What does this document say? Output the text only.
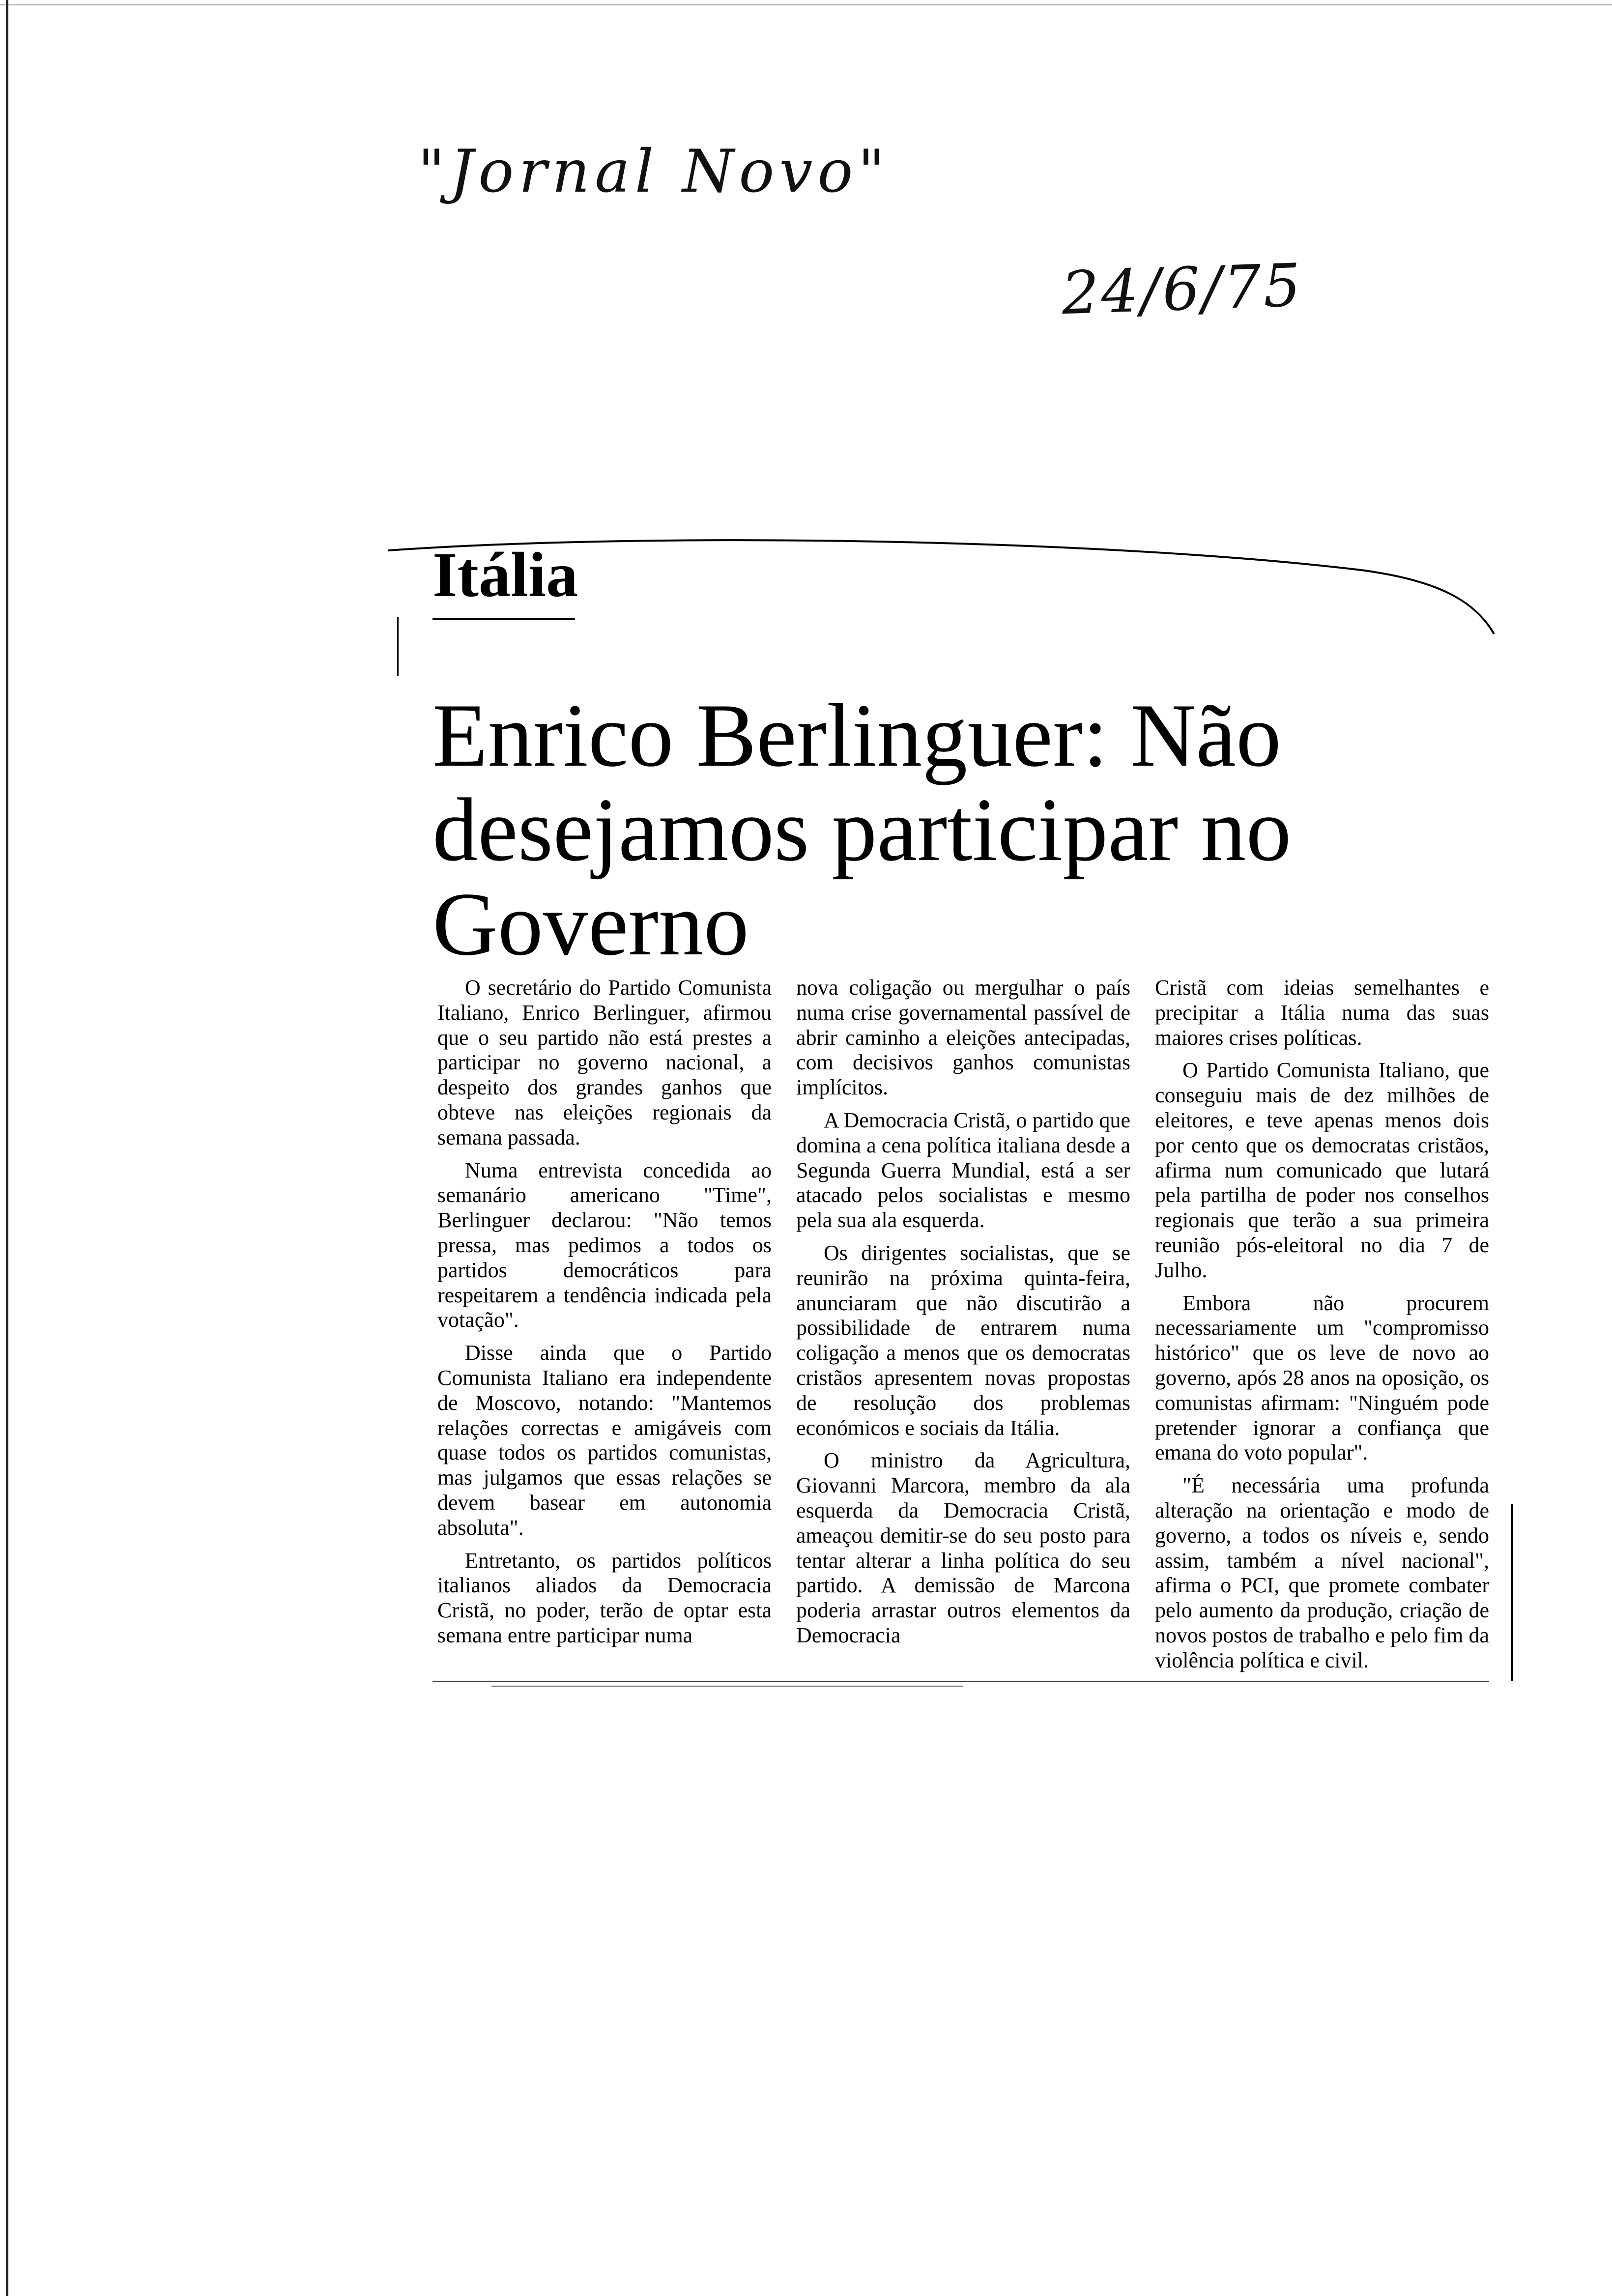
"Jornal Novo"
24/6/75
Itália
Enrico Berlinguer: Não desejamos participar no Governo

O secretário do Partido Comunista Italiano, Enrico Berlinguer, afirmou que o seu partido não está prestes a participar no governo nacional, a despeito dos grandes ganhos que obteve nas eleições regionais da semana passada.

Numa entrevista concedida ao semanário americano "Time", Berlinguer declarou: "Não temos pressa, mas pedimos a todos os partidos democráticos para respeitarem a tendência indicada pela votação".

Disse ainda que o Partido Comunista Italiano era independente de Moscovo, notando: "Mantemos relações correctas e amigáveis com quase todos os partidos comunistas, mas julgamos que essas relações se devem basear em autonomia absoluta".

Entretanto, os partidos políticos italianos aliados da Democracia Cristã, no poder, terão de optar esta semana entre participar numa

nova coligação ou mergulhar o país numa crise governamental passível de abrir caminho a eleições antecipadas, com decisivos ganhos comunistas implícitos.

A Democracia Cristã, o partido que domina a cena política italiana desde a Segunda Guerra Mundial, está a ser atacado pelos socialistas e mesmo pela sua ala esquerda.

Os dirigentes socialistas, que se reunirão na próxima quinta-feira, anunciaram que não discutirão a possibilidade de entrarem numa coligação a menos que os democratas cristãos apresentem novas propostas de resolução dos problemas económicos e sociais da Itália.

O ministro da Agricultura, Giovanni Marcora, membro da ala esquerda da Democracia Cristã, ameaçou demitir-se do seu posto para tentar alterar a linha política do seu partido. A demissão de Marcona poderia arrastar outros elementos da Democracia

Cristã com ideias semelhantes e precipitar a Itália numa das suas maiores crises políticas.

O Partido Comunista Italiano, que conseguiu mais de dez milhões de eleitores, e teve apenas menos dois por cento que os democratas cristãos, afirma num comunicado que lutará pela partilha de poder nos conselhos regionais que terão a sua primeira reunião pós-eleitoral no dia 7 de Julho.

Embora não procurem necessariamente um "compromisso histórico" que os leve de novo ao governo, após 28 anos na oposição, os comunistas afirmam: "Ninguém pode pretender ignorar a confiança que emana do voto popular".

"É necessária uma profunda alteração na orientação e modo de governo, a todos os níveis e, sendo assim, também a nível nacional", afirma o PCI, que promete combater pelo aumento da produção, criação de novos postos de trabalho e pelo fim da violência política e civil.
